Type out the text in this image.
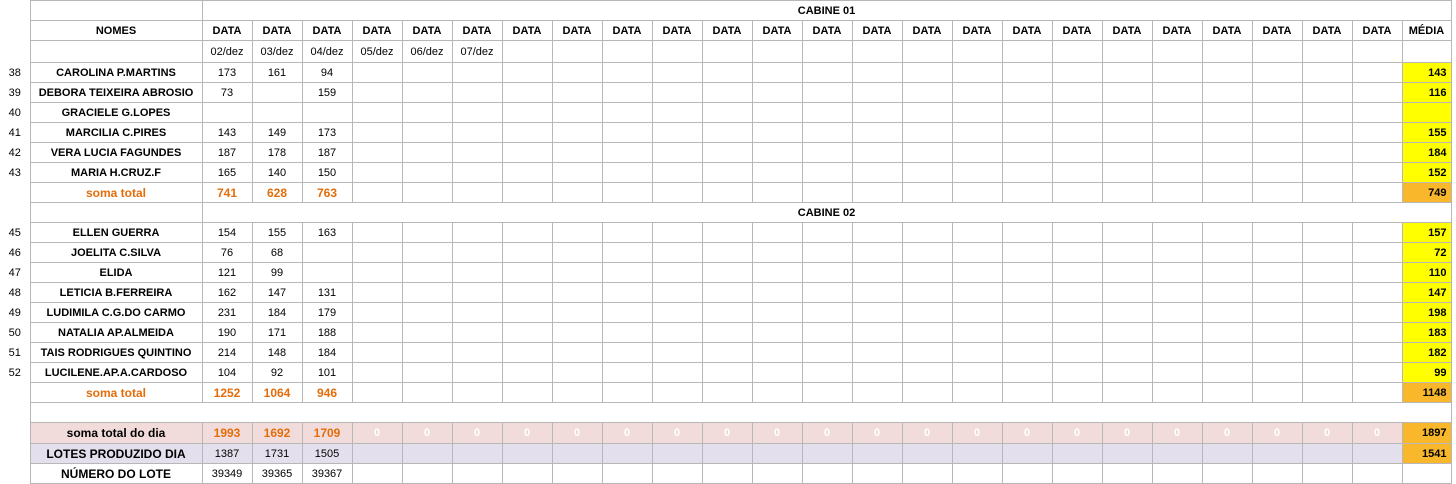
		CABINE 01																								
	NOMES	DATA	DATA	DATA	DATA	DATA	DATA	DATA	DATA	DATA	DATA	DATA	DATA	DATA	DATA	DATA	DATA	DATA	DATA	DATA	DATA	DATA	DATA	DATA	DATA	MÉDIA
		02/dez	03/dez	04/dez	05/dez	06/dez	07/dez																			
38	CAROLINA P.MARTINS	173	161	94																						143
39	DEBORA TEIXEIRA ABROSIO	73		159																						116
40	GRACIELE G.LOPES																									
41	MARCILIA C.PIRES	143	149	173																						155
42	VERA LUCIA FAGUNDES	187	178	187																						184
43	MARIA H.CRUZ.F	165	140	150																						152
	soma total	741	628	763	0	0	0	0	0	0	0	0	0	0	0	0	0	0	0	0	0	0	0	0	0	749
		CABINE 02																								
45	ELLEN GUERRA	154	155	163																						157
46	JOELITA C.SILVA	76	68																							72
47	ELIDA	121	99																							110
48	LETICIA B.FERREIRA	162	147	131																						147
49	LUDIMILA C.G.DO CARMO	231	184	179																						198
50	NATALIA AP.ALMEIDA	190	171	188																						183
51	TAIS RODRIGUES QUINTINO	214	148	184																						182
52	LUCILENE.AP.A.CARDOSO	104	92	101																						99
	soma total	1252	1064	946	0	0	0	0	0	0	0	0	0	0	0	0	0	0	0	0	0	0	0	0	0	1148

	soma total do dia	1993	1692	1709	0	0	0	0	0	0	0	0	0	0	0	0	0	0	0	0	0	0	0	0	0	1897
	LOTES PRODUZIDO DIA	1387	1731	1505																						1541
	NÚMERO DO LOTE	39349	39365	39367																						
